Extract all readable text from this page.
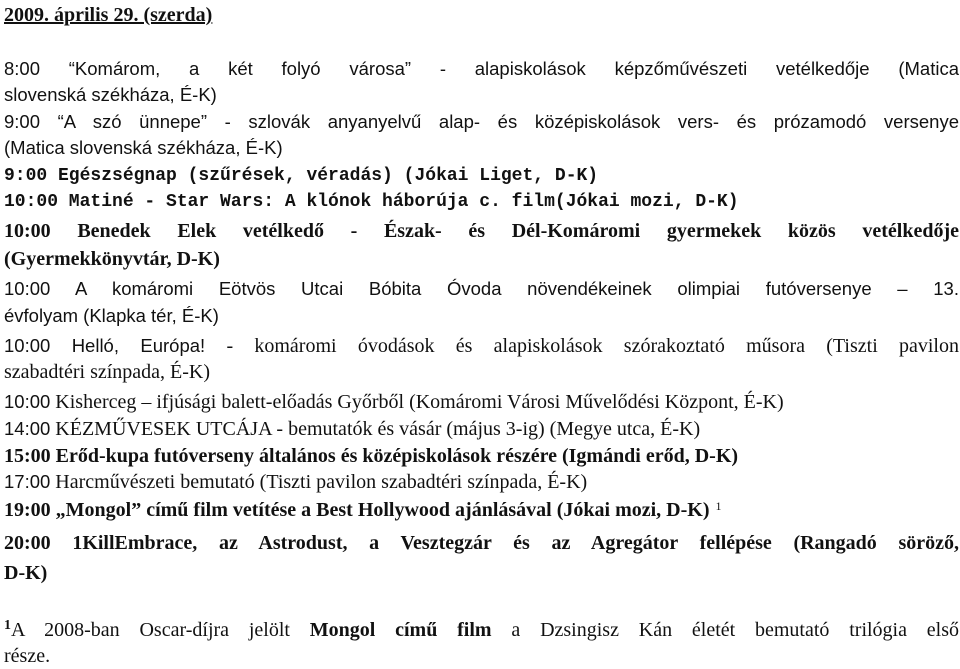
2009. április 29. (szerda)
8:00 “Komárom, a két folyó városa” - alapiskolások képzőművészeti vetélkedője (Matica
slovenská székháza, É-K)
9:00 “A szó ünnepe” - szlovák anyanyelvű alap- és középiskolások vers- és prózamodó versenye
(Matica slovenská székháza, É-K)
9:00 Egészségnap (szűrések, véradás) (Jókai Liget, D-K)
10:00 Matiné - Star Wars: A klónok háborúja c. film(Jókai mozi, D-K)
10:00 Benedek Elek vetélkedő - Észak- és Dél-Komáromi gyermekek közös vetélkedője
(Gyermekkönyvtár, D-K)
10:00 A komáromi Eötvös Utcai Bóbita Óvoda növendékeinek olimpiai futóversenye – 13.
évfolyam (Klapka tér, É-K)
10:00 Helló, Európa! - komáromi óvodások és alapiskolások szórakoztató műsora (Tiszti pavilon
szabadtéri színpada, É-K)
10:00 Kisherceg – ifjúsági balett-előadás Győrből (Komáromi Városi Művelődési Központ, É-K)
14:00 KÉZMŰVESEK UTCÁJA - bemutatók és vásár (május 3-ig) (Megye utca, É-K)
15:00 Erőd-kupa futóverseny általános és középiskolások részére (Igmándi erőd, D-K)
17:00 Harcművészeti bemutató (Tiszti pavilon szabadtéri színpada, É-K)
19:00 „Mongol” című film vetítése a Best Hollywood ajánlásával (Jókai mozi, D-K) $^1$
20:00 1KillEmbrace, az Astrodust, a Vesztegzár és az Agregátor fellépése (Rangadó söröző,
D-K)
$^1$A 2008-ban Oscar-díjra jelölt Mongol című film a Dzsingisz Kán életét bemutató trilógia első
része.
